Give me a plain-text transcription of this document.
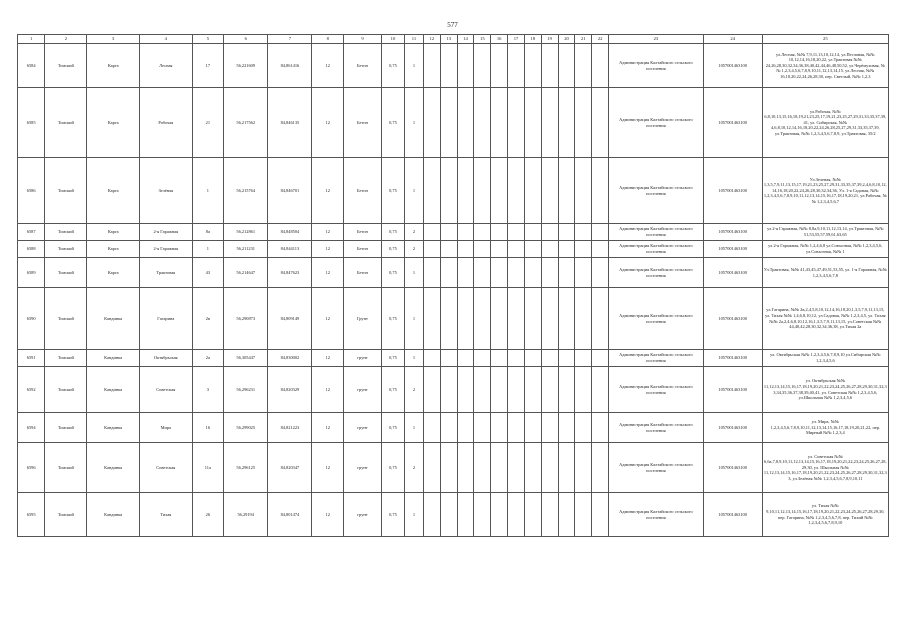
577
1	2	3	4	5	6	7	8	9	10	11	12	13	14	15	16	17	18	19	20	21	22	23	24	25
6584	Томский	Карга	Лесная	17	56,221609	84,861416	12	Бетон	0,75	1												Администрация Калтайского сельского поселения	1057001463100	ул.Лесная, №№ 7,9,11,13,10,12,14, ул.Песчаная, №№ 10,12,14,16,18,20,22, ул.Трактовая №№ 24,26,28,30,32,34,36,38,40,42,44,46,48,50,52, ул.Черёмуховая, №№ 1,2,3,4,5,6,7,8,9,10,11,12,13,14,15, ул.Лесная, №№ 16,18,20,22,24,26,28,30, пер. Светлый, №№ 1,2,3
6585	Томский	Карга	Рабочая	21	56,217562	84,846135	12	Бетон	0,75	1												Администрация Калтайского сельского поселения	1057001463100	ул.Рабочая, №№ 6,8,10,13,15,16,18,19,21,23,25,17,19,21,23,25,27,29,31,33,35,37,39,41, ул. Сибирская, №№ 4,6,8,10,12,14,16,18,20,22,24,26,28,25,27,29,31,33,35,37,39, ул.Трактовая, №№ 1,2,3,4,5,6,7,8,9, ул.Трактовая, 35/2
6586	Томский	Карга	Зелёная	1	56,215764	84,846701	12	Бетон	0,75	1												Администрация Калтайского сельского поселения	1057001463100	Ул.Зеленая, №№ 1,3,5,7,9,11,13,15,17,19,21,23,25,27,29,31,33,35,37,39,2,4,6,8,10,12,14,16,18,20,22,24,26,28,30,32,34,36, Ул. 1-я Садовая, №№ 1,2,3,4,5,6,7,8,9,10,11,12,13,14,15,16,17,18,19,20,21, ул.Рабочая, №№ 1,2,3,4,5,6,7
6587	Томский	Карга	2-я Гаражная	8а	56,212861	84,848504	12	Бетон	0,75	2												Администрация Калтайского сельского поселения	1057001463100	ул.2-я Гаражная, №№ 8,8а,9,10,11,12,13,14, ул.Трактовая, №№ 51,53,55,57,59,61,63,65
6588	Томский	Карга	2-я Гаражная	1	56,211231	84,844113	12	Бетон	0,75	2												Администрация Калтайского сельского поселения	1057001463100	ул.2-я Гаражная, №№ 1,2,4,6,8 ул.Совхозная, №№ 1,2,3,4,5,6, ул.Совхозная, №№ 1
6589	Томский	Карга	Трактовая	43	56,214647	84,847623	12	Бетон	0,75	1												Администрация Калтайского сельского поселения	1057001463100	Ул.Трактовая, №№ 41,43,45,47,49,51,53,55, ул. 1-я Гаражная, №№ 1,2,3,4,5,6,7,8
6590	Томский	Кандинка	Гагарина	2в	56,290873	84,809149	12	Грунт	0,75	1												Администрация Калтайского сельского поселения	1057001463100	ул.Гагарина, №№ 2в,2,4,5,8,10,12,14,16,18,20,1,3,5,7,9,11,13,15, ул. Тихая №№ 1,4,6,8,10,12, ул.Садовая, №№ 1,2,3,4,5, ул. Тихая №№ 2а,2,4,6,8,10,12,16,1,3,5,7,9,11,13,15, ул.Советская №№ 44,40,42,28,30,32,34,36,38, ул.Тихая 2а
6591	Томский	Кандинка	Октябрьская	2а	56,305447	84,830002	12	грунт	0,75	1												Администрация Калтайского сельского поселения	1057001463100	ул. Октябрьская №№ 1,2,3,4,5,6,7,8,9,10 ул.Сибирская №№ 1,2,3,4,5,6
6592	Томский	Кандинка	Советская	3	56,296231	84,820329	12	грунт	0,75	2												Администрация Калтайского сельского поселения	1057001463100	ул. Октябрьская №№ 11,12,13,14,15,16,17,18,19,20,21,22,23,24,25,26,27,28,29,30,31,32,33,34,35,36,37,38,39,40,41, ул. Советская №№ 1,2,3,4,5,6, ул.Школьная №№ 1,2,3,4,5,6
6594	Томский	Кандинка	Мира	16	56,299025	84,821223	12	грунт	0,75	1												Администрация Калтайского сельского поселения	1057001463100	ул. Мира, №№ 1,2,3,4,5,6,7,8,9,10,11,12,13,14,15,16,17,18,19,20,21,22, пер. Мирный №№ 1,2,3,4
6596	Томский	Кандинка	Советская	11а	56,296125	84,820347	12	грунт	0,75	2												Администрация Калтайского сельского поселения	1057001463100	ул. Советская №№ 6,6а,7,8,9,10,11,12,13,14,15,16,17,18,19,20,21,22,23,24,25,26,27,28,29,30, ул. Школьная №№ 11,12,13,14,15,16,17,18,19,20,21,22,23,24,25,26,27,28,29,30,31,32,33, ул.Зелёная №№ 1,2,3,4,5,6,7,8,9,10,11
6595	Томский	Кандинка	Тихая	26	56,29194	84,801474	12	грунт	0,75	1												Администрация Калтайского сельского поселения	1057001463100	ул. Тихая №№ 9,10,11,12,13,14,15,16,17,18,19,20,21,22,23,24,25,26,27,28,29,30, пер. Гагарина, №№ 1,2,3,4,5,6,7,8, пер. Тихий №№ 1,2,3,4,5,6,7,8,9,10
